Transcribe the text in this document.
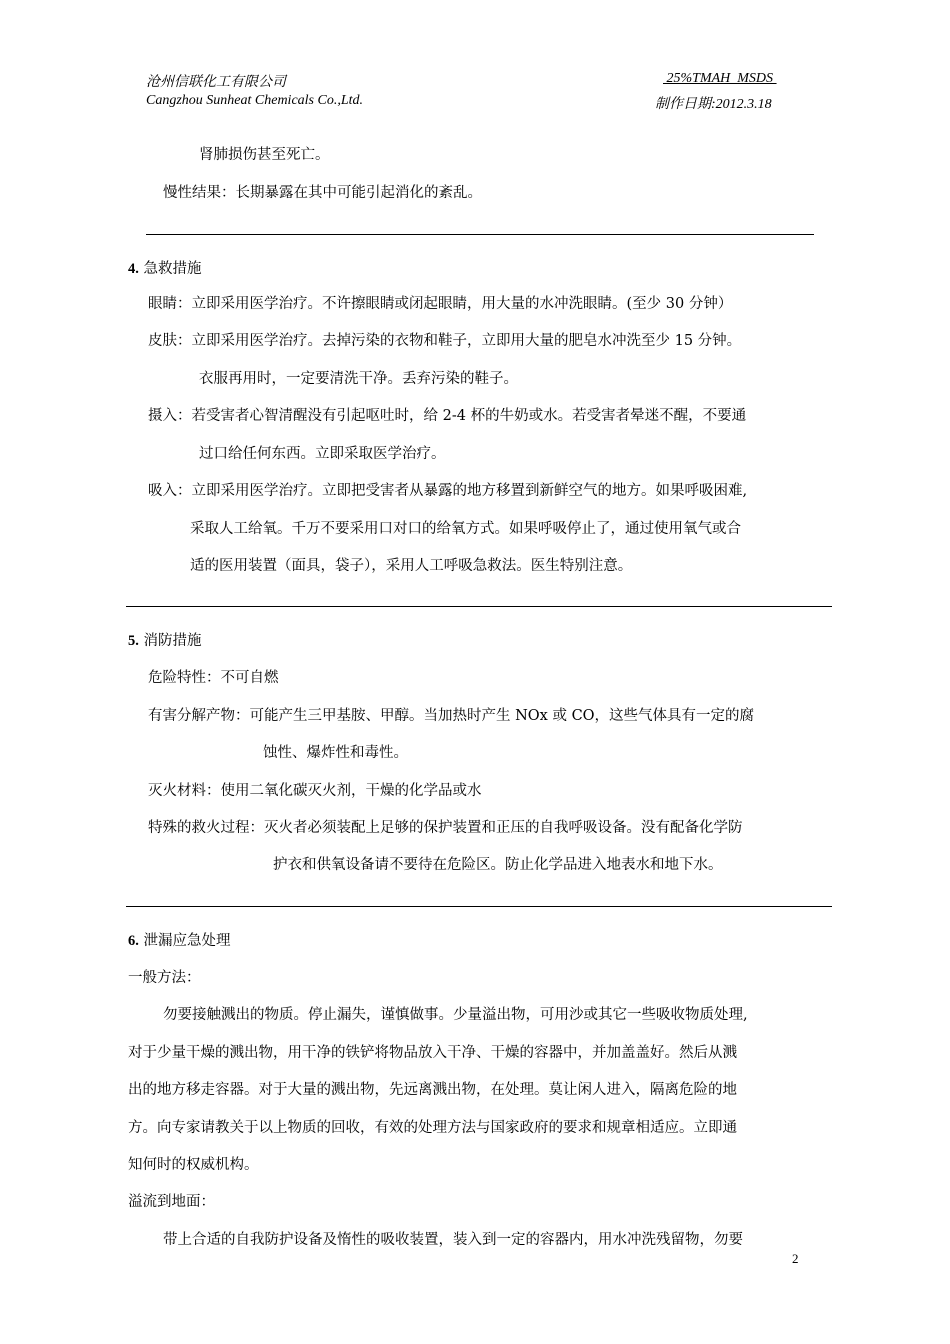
沧州信联化工有限公司
Cangzhou Sunheat Chemicals Co.,Ltd.
25%TMAH  MSDS
制作日期:2012.3.18
肾肺损伤甚至死亡。
慢性结果：长期暴露在其中可能引起消化的紊乱。
4. 急救措施
眼睛：立即采用医学治疗。不许擦眼睛或闭起眼睛，用大量的水冲洗眼睛。(至少 30 分钟）
皮肤：立即采用医学治疗。去掉污染的衣物和鞋子，立即用大量的肥皂水冲洗至少 15 分钟。
衣服再用时，一定要清洗干净。丢弃污染的鞋子。
摄入：若受害者心智清醒没有引起呕吐时，给 2-4 杯的牛奶或水。若受害者晕迷不醒，不要通
过口给任何东西。立即采取医学治疗。
吸入：立即采用医学治疗。立即把受害者从暴露的地方移置到新鲜空气的地方。如果呼吸困难,
采取人工给氧。千万不要采用口对口的给氧方式。如果呼吸停止了，通过使用氧气或合
适的医用装置（面具，袋子），采用人工呼吸急救法。医生特别注意。
5. 消防措施
危险特性：不可自燃
有害分解产物：可能产生三甲基胺、甲醇。当加热时产生 NOx 或 CO，这些气体具有一定的腐
蚀性、爆炸性和毒性。
灭火材料：使用二氧化碳灭火剂，干燥的化学品或水
特殊的救火过程：灭火者必须装配上足够的保护装置和正压的自我呼吸设备。没有配备化学防
护衣和供氧设备请不要待在危险区。防止化学品进入地表水和地下水。
6. 泄漏应急处理
一般方法：
勿要接触溅出的物质。停止漏失，谨慎做事。少量溢出物，可用沙或其它一些吸收物质处理,
对于少量干燥的溅出物，用干净的铁铲将物品放入干净、干燥的容器中，并加盖盖好。然后从溅
出的地方移走容器。对于大量的溅出物，先远离溅出物，在处理。莫让闲人进入，隔离危险的地
方。向专家请教关于以上物质的回收，有效的处理方法与国家政府的要求和规章相适应。立即通
知何时的权威机构。
溢流到地面：
带上合适的自我防护设备及惰性的吸收装置，装入到一定的容器内，用水冲洗残留物，勿要
2
